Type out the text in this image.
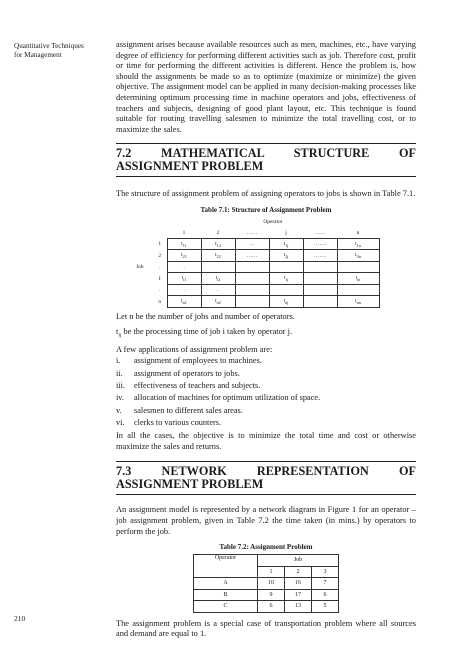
Quantitative Techniques
for Management
210

assignment arises because available resources such as men, machines, etc., have varying degree of efficiency for performing different activities such as job. Therefore cost, profit or time for performing the different activities is different. Hence the problem is, how should the assignments be made so as to optimize (maximize or minimize) the given objective. The assignment model can be applied in many decision-making processes like determining optimum processing time in machine operators and jobs, effectiveness of teachers and subjects, designing of good plant layout, etc. This technique is found suitable for routing travelling salesmen to minimize the total travelling cost, or to maximize the sales.

7.2 MATHEMATICAL STRUCTURE OF ASSIGNMENT PROBLEM

The structure of assignment problem of assigning operators to jobs is shown in Table 7.1.

Table 7.1: Structure of Assignment Problem
		Operator					
		1	2	……	j	……	n
	1	$t_{11}$	$t_{12}$	…	$t_{1j}$	…….	$t_{1n}$
	2	$t_{21}$	$t_{22}$	……	$t_{2j}$	…….	$t_{2n}$
Job	.	.					
	I	$t_{i1}$	$t_{i2}$		$t_{ij}$		$t_{in}$
	.	.	.				
	n	$t_{n1}$	$t_{n2}$		$t_{nj}$		$t_{nn}$

Let n be the number of jobs and number of operators.

$t_{ij}$ be the processing time of job i taken by operator j.

A few applications of assignment problem are:

i. assignment of employees to machines.
ii. assignment of operators to jobs.
iii. effectiveness of teachers and subjects.
iv. allocation of machines for optimum utilization of space.
v. salesmen to different sales areas.
vi. clerks to various counters.

In all the cases, the objective is to minimize the total time and cost or otherwise maximize the sales and returns.

7.3 NETWORK REPRESENTATION OF ASSIGNMENT PROBLEM

An assignment model is represented by a network diagram in Figure 1 for an operator – job assignment problem, given in Table 7.2 the time taken (in mins.) by operators to perform the job.

Table 7.2: Assignment Problem
Operator	Job		
	1	2	3
A	10	16	7
B	9	17	6
C	6	13	5

The assignment problem is a special case of transportation problem where all sources and demand are equal to 1.
